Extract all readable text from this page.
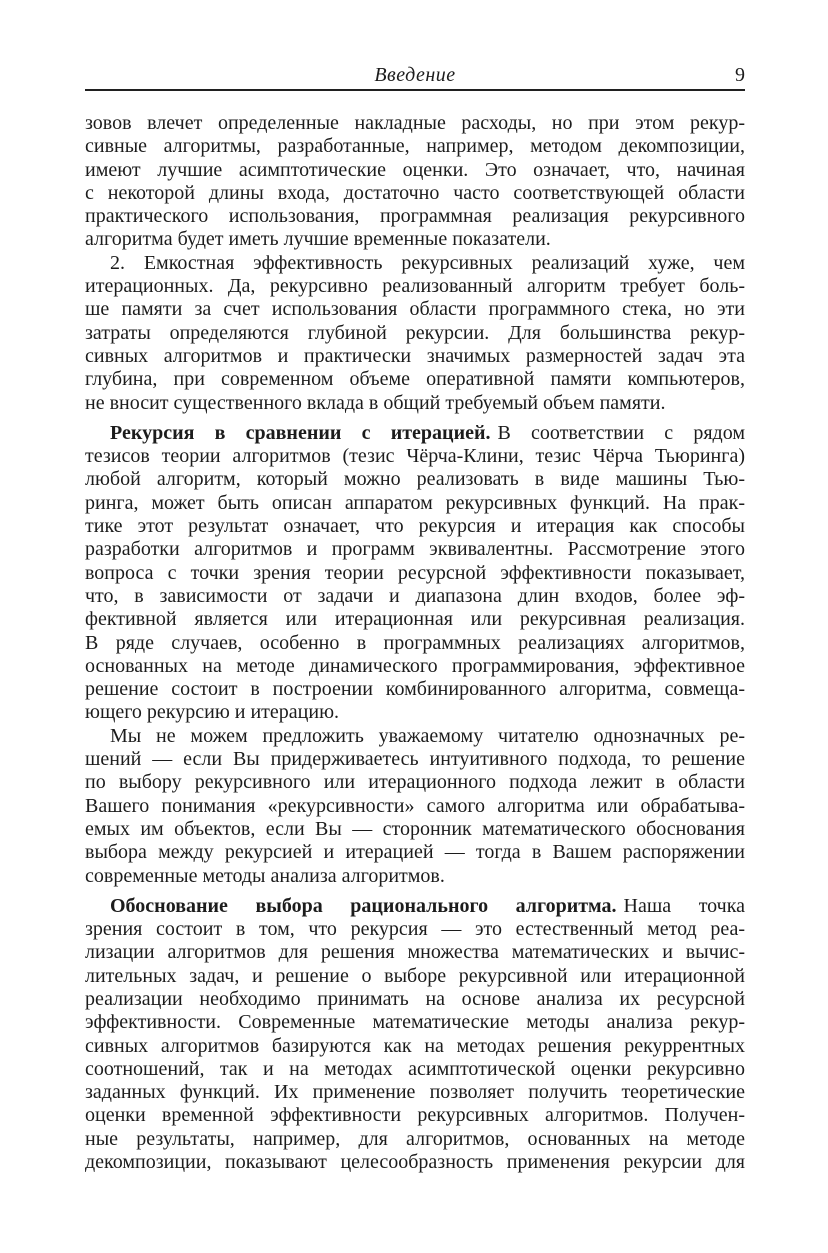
Введение	9

зовов влечет определенные накладные расходы, но при этом рекур-
сивные алгоритмы, разработанные, например, методом декомпозиции,
имеют лучшие асимптотические оценки. Это означает, что, начиная
с некоторой длины входа, достаточно часто соответствующей области
практического использования, программная реализация рекурсивного
алгоритма будет иметь лучшие временные показатели.

2. Емкостная эффективность рекурсивных реализаций хуже, чем
итерационных. Да, рекурсивно реализованный алгоритм требует боль-
ше памяти за счет использования области программного стека, но эти
затраты определяются глубиной рекурсии. Для большинства рекур-
сивных алгоритмов и практически значимых размерностей задач эта
глубина, при современном объеме оперативной памяти компьютеров,
не вносит существенного вклада в общий требуемый объем памяти.

Рекурсия в сравнении с итерацией. В соответствии с рядом
тезисов теории алгоритмов (тезис Чёрча-Клини, тезис Чёрча Тьюринга)
любой алгоритм, который можно реализовать в виде машины Тью-
ринга, может быть описан аппаратом рекурсивных функций. На прак-
тике этот результат означает, что рекурсия и итерация как способы
разработки алгоритмов и программ эквивалентны. Рассмотрение этого
вопроса с точки зрения теории ресурсной эффективности показывает,
что, в зависимости от задачи и диапазона длин входов, более эф-
фективной является или итерационная или рекурсивная реализация.
В ряде случаев, особенно в программных реализациях алгоритмов,
основанных на методе динамического программирования, эффективное
решение состоит в построении комбинированного алгоритма, совмеща-
ющего рекурсию и итерацию.

Мы не можем предложить уважаемому читателю однозначных ре-
шений — если Вы придерживаетесь интуитивного подхода, то решение
по выбору рекурсивного или итерационного подхода лежит в области
Вашего понимания «рекурсивности» самого алгоритма или обрабатыва-
емых им объектов, если Вы — сторонник математического обоснования
выбора между рекурсией и итерацией — тогда в Вашем распоряжении
современные методы анализа алгоритмов.

Обоснование выбора рационального алгоритма. Наша точка
зрения состоит в том, что рекурсия — это естественный метод реа-
лизации алгоритмов для решения множества математических и вычис-
лительных задач, и решение о выборе рекурсивной или итерационной
реализации необходимо принимать на основе анализа их ресурсной
эффективности. Современные математические методы анализа рекур-
сивных алгоритмов базируются как на методах решения рекуррентных
соотношений, так и на методах асимптотической оценки рекурсивно
заданных функций. Их применение позволяет получить теоретические
оценки временной эффективности рекурсивных алгоритмов. Получен-
ные результаты, например, для алгоритмов, основанных на методе
декомпозиции, показывают целесообразность применения рекурсии для
